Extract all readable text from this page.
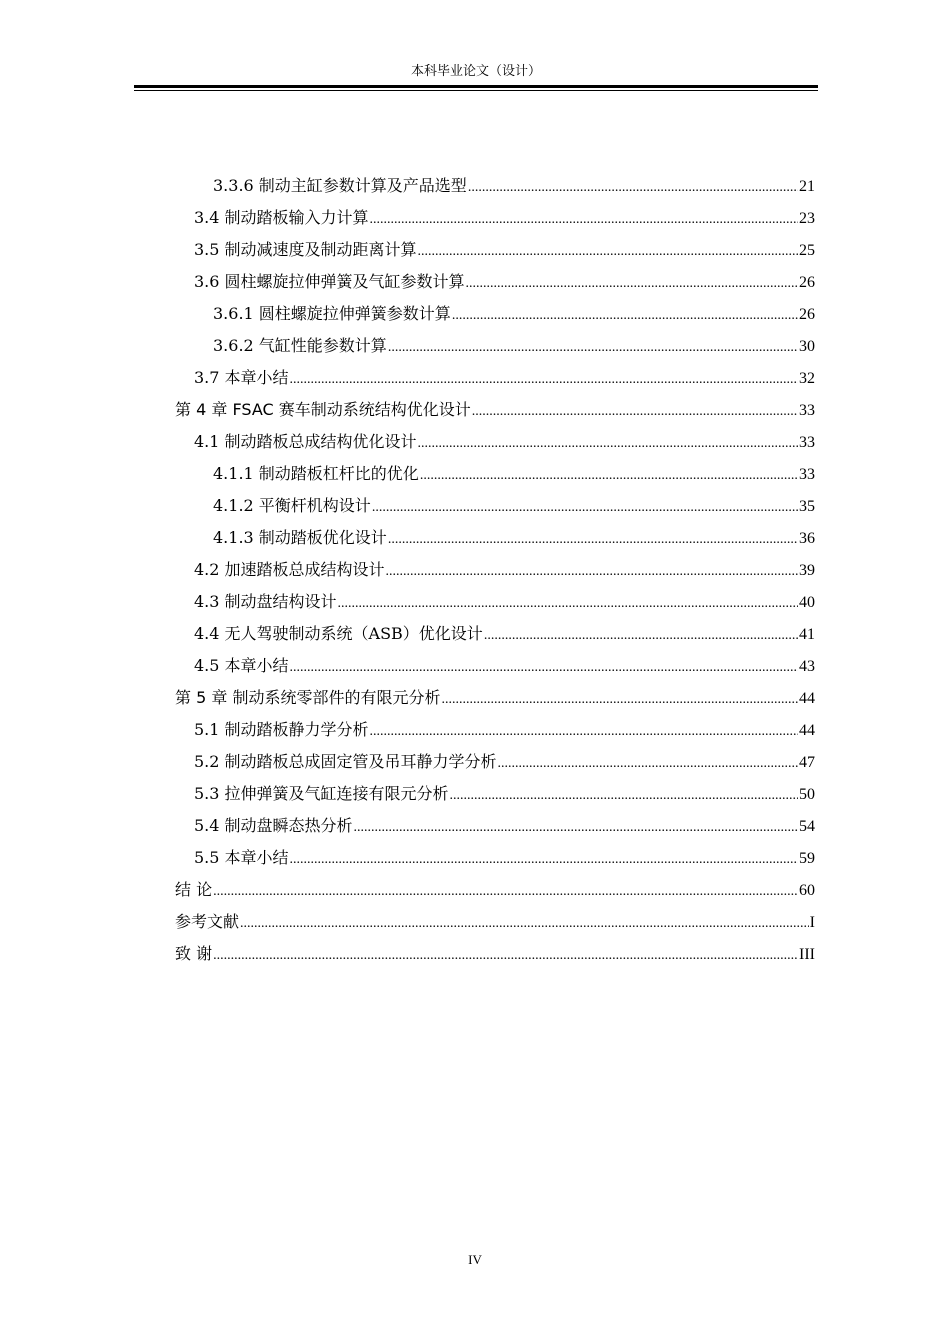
本科毕业论文（设计）
3.3.6 制动主缸参数计算及产品选型 .....	21
3.4 制动踏板输入力计算 .....	23
3.5 制动减速度及制动距离计算 .....	25
3.6 圆柱螺旋拉伸弹簧及气缸参数计算 .....	26
3.6.1 圆柱螺旋拉伸弹簧参数计算 .....	26
3.6.2 气缸性能参数计算 .....	30
3.7 本章小结 .....	32
第 4 章 FSAC 赛车制动系统结构优化设计 .....	33
4.1 制动踏板总成结构优化设计 .....	33
4.1.1 制动踏板杠杆比的优化 .....	33
4.1.2 平衡杆机构设计 .....	35
4.1.3 制动踏板优化设计 .....	36
4.2 加速踏板总成结构设计 .....	39
4.3 制动盘结构设计 .....	40
4.4 无人驾驶制动系统（ASB）优化设计 .....	41
4.5 本章小结 .....	43
第 5 章 制动系统零部件的有限元分析 .....	44
5.1 制动踏板静力学分析 .....	44
5.2 制动踏板总成固定管及吊耳静力学分析 .....	47
5.3 拉伸弹簧及气缸连接有限元分析 .....	50
5.4 制动盘瞬态热分析 .....	54
5.5 本章小结 .....	59
结 论 .....	60
参考文献 .....	I
致 谢 .....	III
IV
